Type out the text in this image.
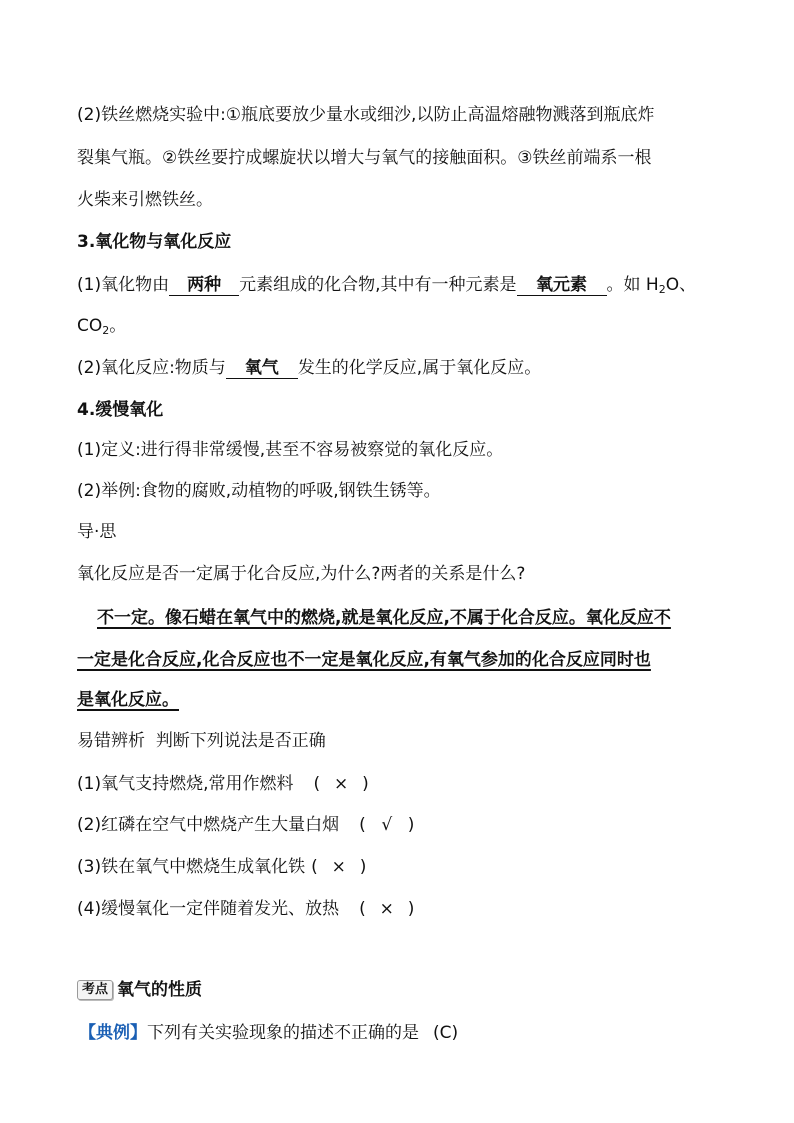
(2)铁丝燃烧实验中:①瓶底要放少量水或细沙,以防止高温熔融物溅落到瓶底炸
裂集气瓶。②铁丝要拧成螺旋状以增大与氧气的接触面积。③铁丝前端系一根
火柴来引燃铁丝。
3.氧化物与氧化反应
(1)氧化物由 两种 元素组成的化合物,其中有一种元素是 氧元素 。如 $H_2O$、
$CO_2$。
(2)氧化反应:物质与 氧气 发生的化学反应,属于氧化反应。
4.缓慢氧化
(1)定义:进行得非常缓慢,甚至不容易被察觉的氧化反应。
(2)举例:食物的腐败,动植物的呼吸,钢铁生锈等。
导·思
氧化反应是否一定属于化合反应,为什么?两者的关系是什么?
不一定。像石蜡在氧气中的燃烧,就是氧化反应,不属于化合反应。氧化反应不
一定是化合反应,化合反应也不一定是氧化反应,有氧气参加的化合反应同时也
是氧化反应。
易错辨析 判断下列说法是否正确
(1)氧气支持燃烧,常用作燃料 ( × )
(2)红磷在空气中燃烧产生大量白烟 ( √ )
(3)铁在氧气中燃烧生成氧化铁 ( × )
(4)缓慢氧化一定伴随着发光、放热 ( × )
考点 氧气的性质
【典例】下列有关实验现象的描述不正确的是 (C)
